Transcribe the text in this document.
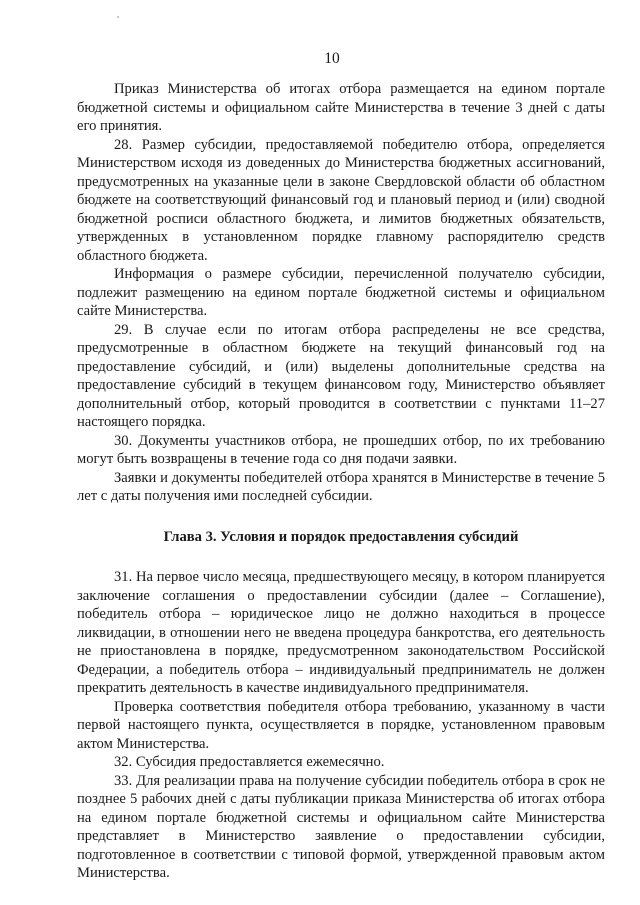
10

Приказ Министерства об итогах отбора размещается на едином портале бюджетной системы и официальном сайте Министерства в течение 3 дней с даты его принятия.

28. Размер субсидии, предоставляемой победителю отбора, определяется Министерством исходя из доведенных до Министерства бюджетных ассигнований, предусмотренных на указанные цели в законе Свердловской области об областном бюджете на соответствующий финансовый год и плановый период и (или) сводной бюджетной росписи областного бюджета, и лимитов бюджетных обязательств, утвержденных в установленном порядке главному распорядителю средств областного бюджета.

Информация о размере субсидии, перечисленной получателю субсидии, подлежит размещению на едином портале бюджетной системы и официальном сайте Министерства.

29. В случае если по итогам отбора распределены не все средства, предусмотренные в областном бюджете на текущий финансовый год на предоставление субсидий, и (или) выделены дополнительные средства на предоставление субсидий в текущем финансовом году, Министерство объявляет дополнительный отбор, который проводится в соответствии с пунктами 11–27 настоящего порядка.

30. Документы участников отбора, не прошедших отбор, по их требованию могут быть возвращены в течение года со дня подачи заявки.

Заявки и документы победителей отбора хранятся в Министерстве в течение 5 лет с даты получения ими последней субсидии.

Глава 3. Условия и порядок предоставления субсидий

31. На первое число месяца, предшествующего месяцу, в котором планируется заключение соглашения о предоставлении субсидии (далее – Соглашение), победитель отбора – юридическое лицо не должно находиться в процессе ликвидации, в отношении него не введена процедура банкротства, его деятельность не приостановлена в порядке, предусмотренном законодательством Российской Федерации, а победитель отбора – индивидуальный предприниматель не должен прекратить деятельность в качестве индивидуального предпринимателя.

Проверка соответствия победителя отбора требованию, указанному в части первой настоящего пункта, осуществляется в порядке, установленном правовым актом Министерства.

32. Субсидия предоставляется ежемесячно.

33. Для реализации права на получение субсидии победитель отбора в срок не позднее 5 рабочих дней с даты публикации приказа Министерства об итогах отбора на едином портале бюджетной системы и официальном сайте Министерства представляет в Министерство заявление о предоставлении субсидии, подготовленное в соответствии с типовой формой, утвержденной правовым актом Министерства.
